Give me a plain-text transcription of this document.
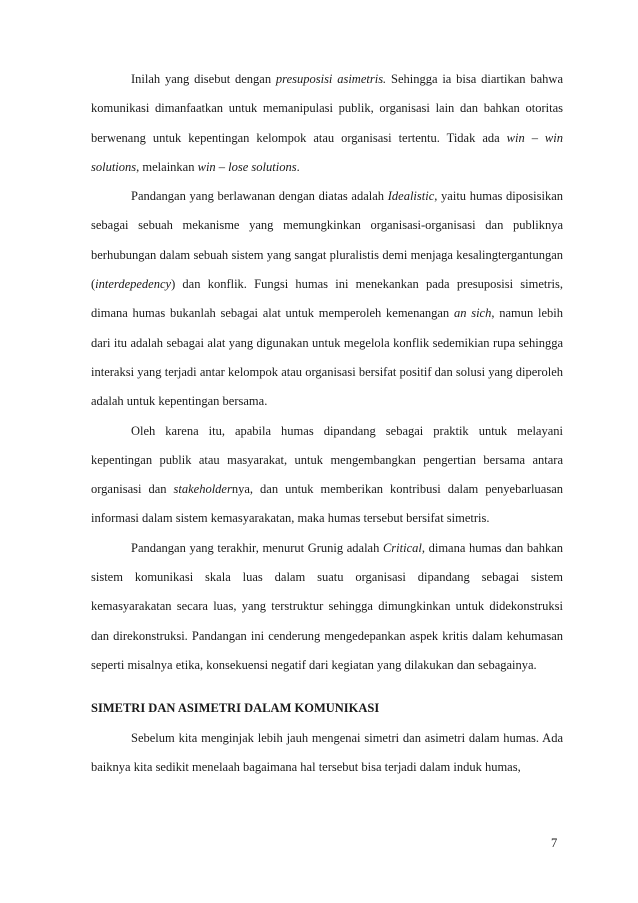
Inilah yang disebut dengan presuposisi asimetris. Sehingga ia bisa diartikan bahwa komunikasi dimanfaatkan untuk memanipulasi publik, organisasi lain dan bahkan otoritas berwenang untuk kepentingan kelompok atau organisasi tertentu. Tidak ada win – win solutions, melainkan win – lose solutions.

Pandangan yang berlawanan dengan diatas adalah Idealistic, yaitu humas diposisikan sebagai sebuah mekanisme yang memungkinkan organisasi-organisasi dan publiknya berhubungan dalam sebuah sistem yang sangat pluralistis demi menjaga kesalingtergantungan (interdepedency) dan konflik. Fungsi humas ini menekankan pada presuposisi simetris, dimana humas bukanlah sebagai alat untuk memperoleh kemenangan an sich, namun lebih dari itu adalah sebagai alat yang digunakan untuk megelola konflik sedemikian rupa sehingga interaksi yang terjadi antar kelompok atau organisasi bersifat positif dan solusi yang diperoleh adalah untuk kepentingan bersama.

Oleh karena itu, apabila humas dipandang sebagai praktik untuk melayani kepentingan publik atau masyarakat, untuk mengembangkan pengertian bersama antara organisasi dan stakeholdernya, dan untuk memberikan kontribusi dalam penyebarluasan informasi dalam sistem kemasyarakatan, maka humas tersebut bersifat simetris.

Pandangan yang terakhir, menurut Grunig adalah Critical, dimana humas dan bahkan sistem komunikasi skala luas dalam suatu organisasi dipandang sebagai sistem kemasyarakatan secara luas, yang terstruktur sehingga dimungkinkan untuk didekonstruksi dan direkonstruksi. Pandangan ini cenderung mengedepankan aspek kritis dalam kehumasan seperti misalnya etika, konsekuensi negatif dari kegiatan yang dilakukan dan sebagainya.

SIMETRI DAN ASIMETRI DALAM KOMUNIKASI

Sebelum kita menginjak lebih jauh mengenai simetri dan asimetri dalam humas. Ada baiknya kita sedikit menelaah bagaimana hal tersebut bisa terjadi dalam induk humas,

7
